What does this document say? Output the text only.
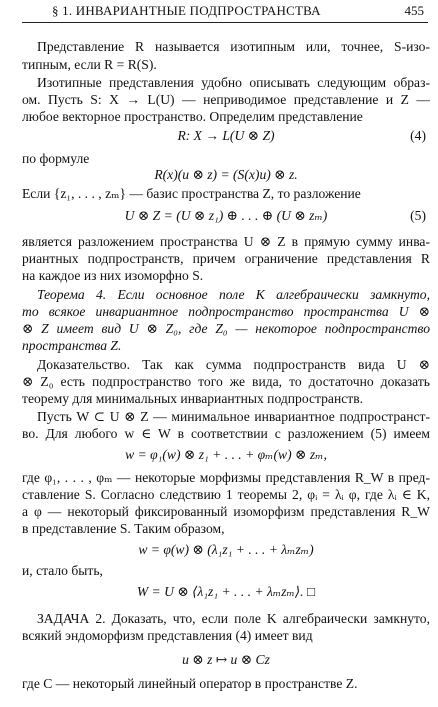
§ 1. ИНВАРИАНТНЫЕ ПОДПРОСТРАНСТВА	455
Представление R называется изотипным или, точнее, S-изо-
типным, если R = R(S).
Изотипные представления удобно описывать следующим образ-
ом. Пусть S: X → L(U) — неприводимое представление и Z —
любое векторное пространство. Определим представление
R: X → L(U ⊗ Z)	(4)
по формуле
R(x)(u ⊗ z) = (S(x)u) ⊗ z.
Если {z₁, . . . , zₘ} — базис пространства Z, то разложение
U ⊗ Z = (U ⊗ z₁) ⊕ . . . ⊕ (U ⊗ zₘ)	(5)
является разложением пространства U ⊗ Z в прямую сумму инва-
риантных подпространств, причем ограничение представления R
на каждое из них изоморфно S.
Теорема 4. Если основное поле K алгебраически замкнуто,
то всякое инвариантное подпространство пространства U ⊗
⊗ Z имеет вид U ⊗ Z₀, где Z₀ — некоторое подпространство
пространства Z.
Доказательство. Так как сумма подпространств вида U ⊗
⊗ Z₀ есть подпространство того же вида, то достаточно доказать
теорему для минимальных инвариантных подпространств.
Пусть W ⊂ U ⊗ Z — минимальное инвариантное подпространст-
во. Для любого w ∈ W в соответствии с разложением (5) имеем
w = φ₁(w) ⊗ z₁ + . . . + φₘ(w) ⊗ zₘ,
где φ₁, . . . , φₘ — некоторые морфизмы представления R_W в пред-
ставление S. Согласно следствию 1 теоремы 2, φᵢ = λᵢ φ, где λᵢ ∈ K,
а φ — некоторый фиксированный изоморфизм представления R_W
в представление S. Таким образом,
w = φ(w) ⊗ (λ₁z₁ + . . . + λₘzₘ)
и, стало быть,
W = U ⊗ ⟨λ₁z₁ + . . . + λₘzₘ⟩. □
ЗАДАЧА 2. Доказать, что, если поле K алгебраически замкнуто,
всякий эндоморфизм представления (4) имеет вид
u ⊗ z ↦ u ⊗ Cz
где C — некоторый линейный оператор в пространстве Z.
